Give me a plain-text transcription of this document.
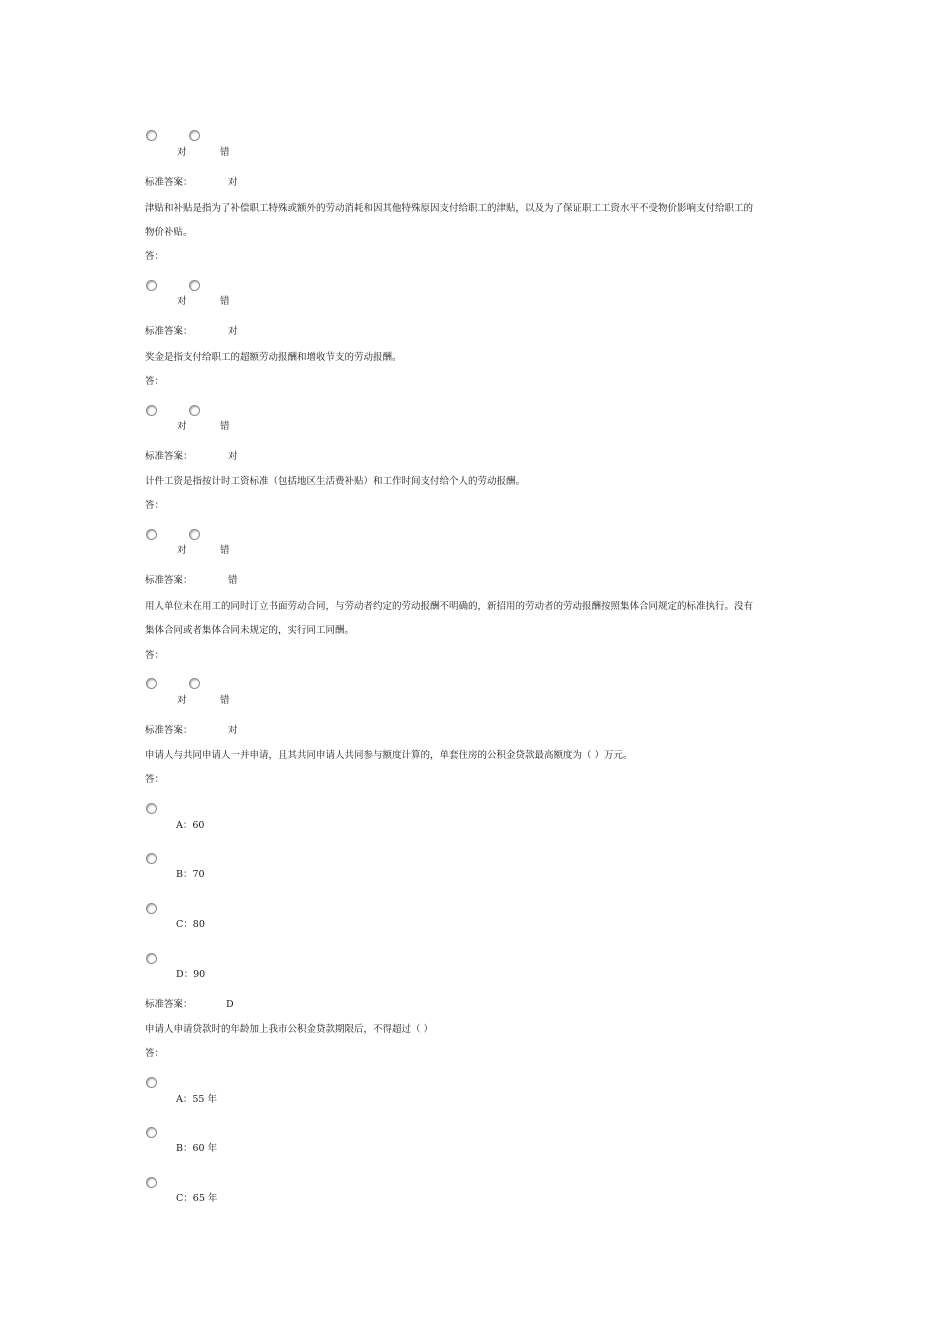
对	错
标准答案：	对
津贴和补贴是指为了补偿职工特殊或额外的劳动消耗和因其他特殊原因支付给职工的津贴，以及为了保证职工工资水平不受物价影响支付给职工的
物价补贴。
答：
对	错
标准答案：	对
奖金是指支付给职工的超额劳动报酬和增收节支的劳动报酬。
答：
对	错
标准答案：	对
计件工资是指按计时工资标准（包括地区生活费补贴）和工作时间支付给个人的劳动报酬。
答：
对	错
标准答案：	错
用人单位未在用工的同时订立书面劳动合同，与劳动者约定的劳动报酬不明确的，新招用的劳动者的劳动报酬按照集体合同规定的标准执行。没有
集体合同或者集体合同未规定的，实行同工同酬。
答：
对	错
标准答案：	对
申请人与共同申请人一并申请，且其共同申请人共同参与额度计算的，单套住房的公积金贷款最高额度为（ ）万元。
答：
A：60
B：70
C：80
D：90
标准答案：	D
申请人申请贷款时的年龄加上我市公积金贷款期限后，不得超过（ ）
答：
A：55 年
B：60 年
C：65 年
